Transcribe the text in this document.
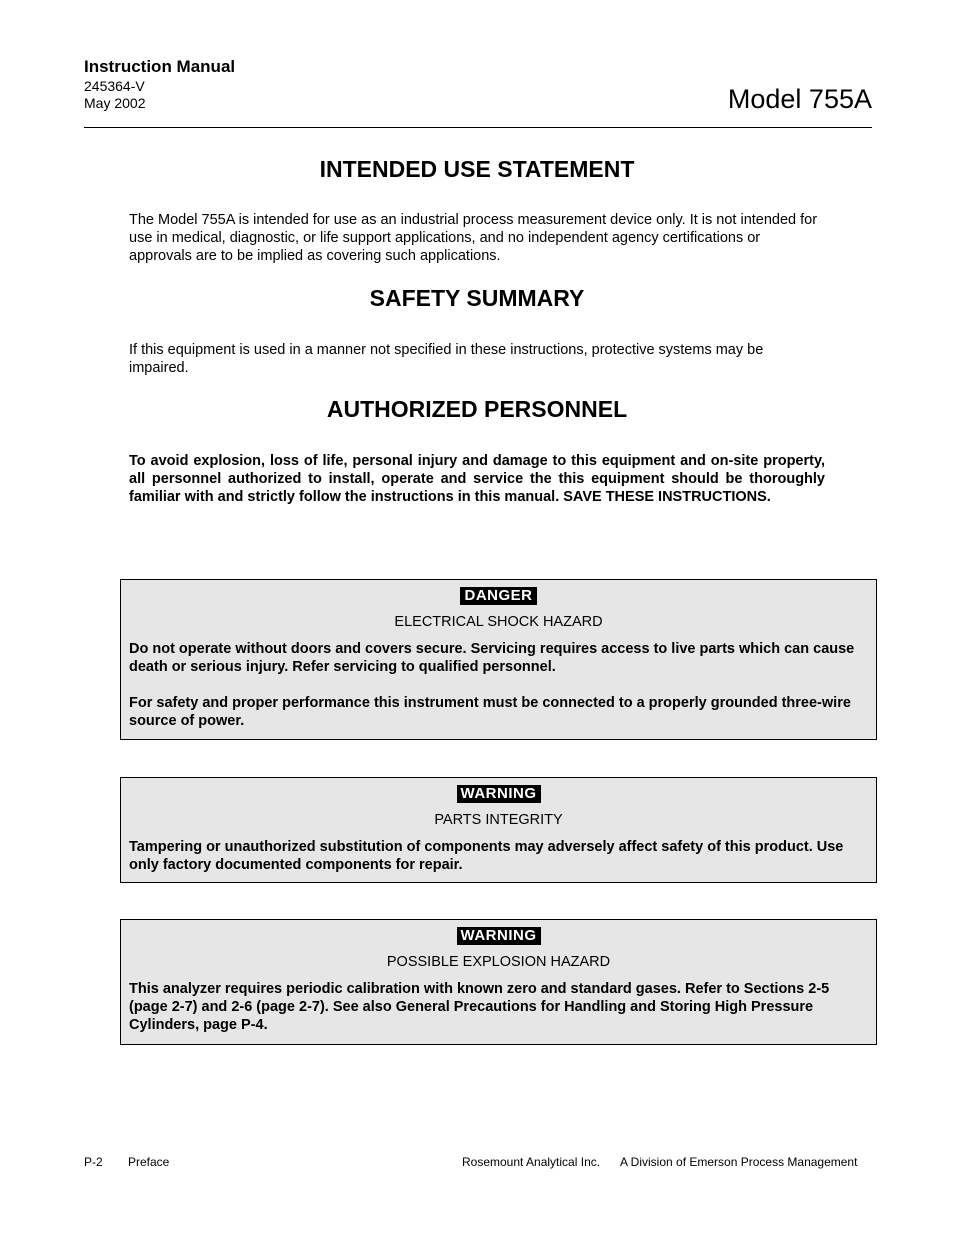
Instruction Manual
245364-V
May 2002	Model 755A
INTENDED USE STATEMENT

The Model 755A is intended for use as an industrial process measurement device only. It is not intended for use in medical, diagnostic, or life support applications, and no independent agency certifications or approvals are to be implied as covering such applications.

SAFETY SUMMARY

If this equipment is used in a manner not specified in these instructions, protective systems may be impaired.

AUTHORIZED PERSONNEL

To avoid explosion, loss of life, personal injury and damage to this equipment and on-site property, all personnel authorized to install, operate and service the this equipment should be thoroughly familiar with and strictly follow the instructions in this manual. SAVE THESE INSTRUCTIONS.

DANGER
ELECTRICAL SHOCK HAZARD

Do not operate without doors and covers secure. Servicing requires access to live parts which can cause death or serious injury. Refer servicing to qualified personnel.

For safety and proper performance this instrument must be connected to a properly grounded three-wire source of power.

WARNING
PARTS INTEGRITY

Tampering or unauthorized substitution of components may adversely affect safety of this product. Use only factory documented components for repair.

WARNING
POSSIBLE EXPLOSION HAZARD

This analyzer requires periodic calibration with known zero and standard gases. Refer to Sections 2-5 (page 2-7) and 2-6 (page 2-7). See also General Precautions for Handling and Storing High Pressure Cylinders, page P-4.

P-2 Preface	Rosemount Analytical Inc. A Division of Emerson Process Management
